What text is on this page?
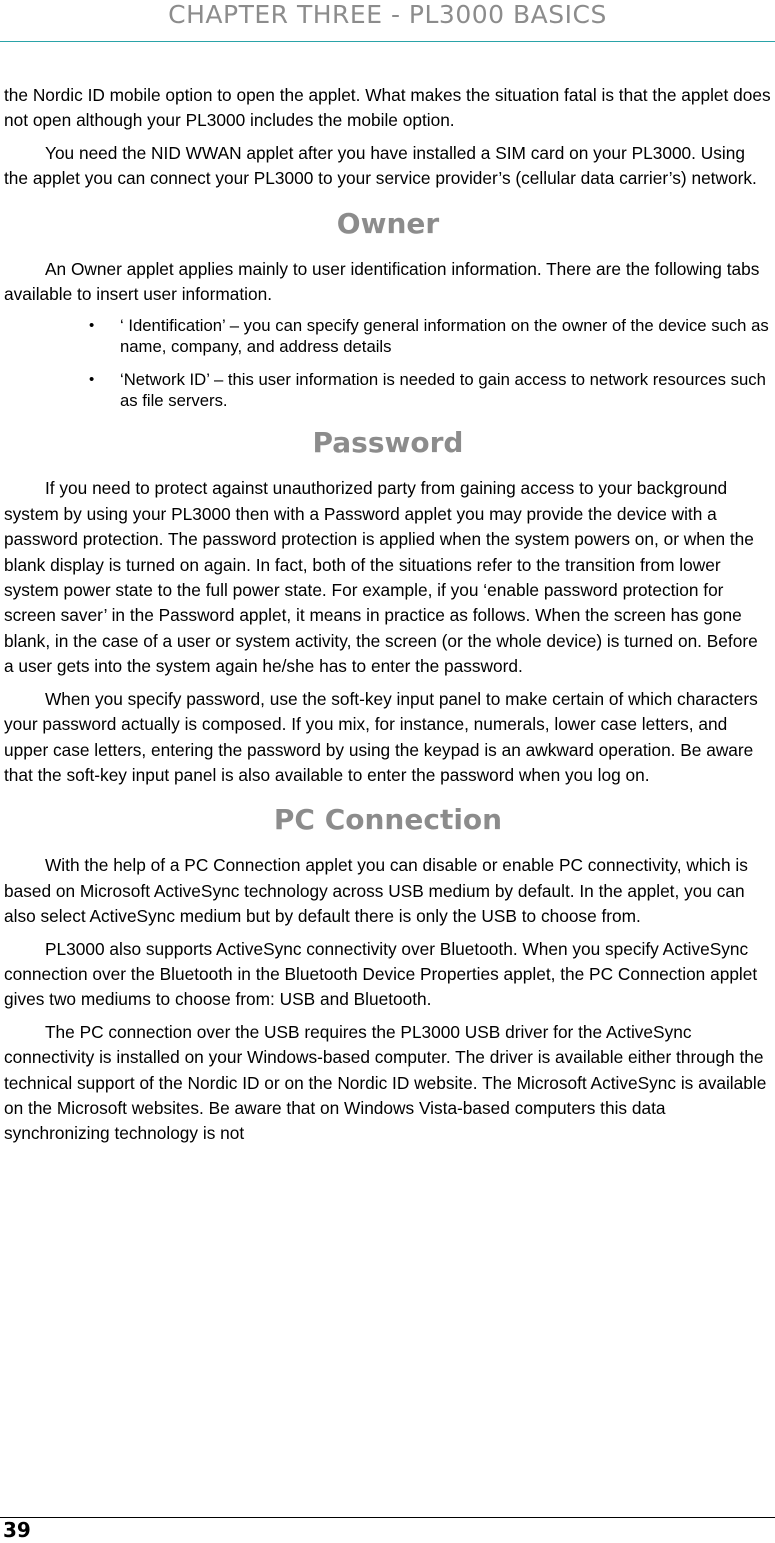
CHAPTER THREE - PL3000 BASICS

the Nordic ID mobile option to open the applet. What makes the situation fatal is that the applet does not open although your PL3000 includes the mobile option.

You need the NID WWAN applet after you have installed a SIM card on your PL3000. Using the applet you can connect your PL3000 to your service provider’s (cellular data carrier’s) network.

Owner

An Owner applet applies mainly to user identification information. There are the following tabs available to insert user information.

• ‘ Identification’ – you can specify general information on the owner of the device such as name, company, and address details
• ‘Network ID’ – this user information is needed to gain access to network resources such as file servers.
Password

If you need to protect against unauthorized party from gaining access to your background system by using your PL3000 then with a Password applet you may provide the device with a password protection. The password protection is applied when the system powers on, or when the blank display is turned on again. In fact, both of the situations refer to the transition from lower system power state to the full power state. For example, if you ‘enable password protection for screen saver’ in the Password applet, it means in practice as follows. When the screen has gone blank, in the case of a user or system activity, the screen (or the whole device) is turned on. Before a user gets into the system again he/she has to enter the password.

When you specify password, use the soft-key input panel to make certain of which characters your password actually is composed. If you mix, for instance, numerals, lower case letters, and upper case letters, entering the password by using the keypad is an awkward operation. Be aware that the soft-key input panel is also available to enter the password when you log on.

PC Connection

With the help of a PC Connection applet you can disable or enable PC connectivity, which is based on Microsoft ActiveSync technology across USB medium by default. In the applet, you can also select ActiveSync medium but by default there is only the USB to choose from.

PL3000 also supports ActiveSync connectivity over Bluetooth. When you specify ActiveSync connection over the Bluetooth in the Bluetooth Device Properties applet, the PC Connection applet gives two mediums to choose from: USB and Bluetooth.

The PC connection over the USB requires the PL3000 USB driver for the ActiveSync connectivity is installed on your Windows-based computer. The driver is available either through the technical support of the Nordic ID or on the Nordic ID website. The Microsoft ActiveSync is available on the Microsoft websites. Be aware that on Windows Vista-based computers this data synchronizing technology is not

39
